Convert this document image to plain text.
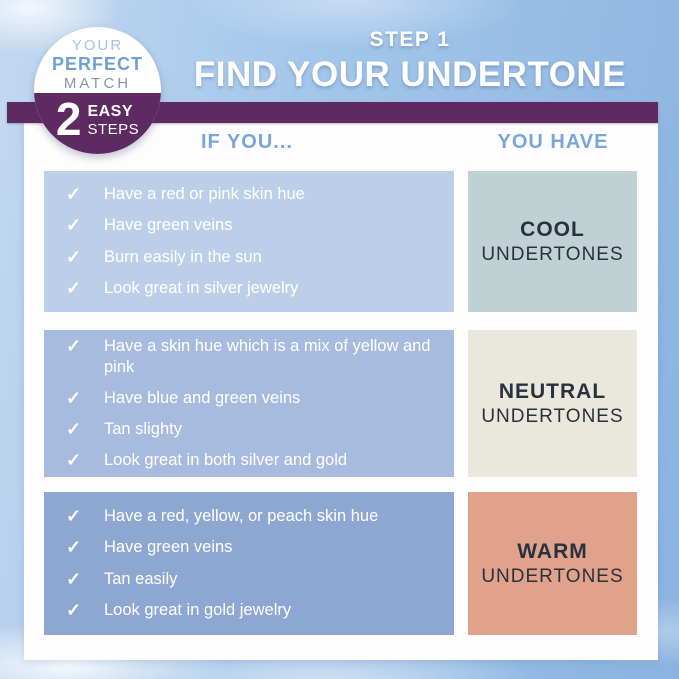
STEP 1
FIND YOUR UNDERTONE
YOUR
PERFECT
MATCH
2 EASY
STEPS
IF YOU...	YOU HAVE
✓ Have a red or pink skin hue
✓ Have green veins
✓ Burn easily in the sun
✓ Look great in silver jewelry
COOL
UNDERTONES
✓ Have a skin hue which is a mix of yellow and pink
✓ Have blue and green veins
✓ Tan slighty
✓ Look great in both silver and gold
NEUTRAL
UNDERTONES
✓ Have a red, yellow, or peach skin hue
✓ Have green veins
✓ Tan easily
✓ Look great in gold jewelry
WARM
UNDERTONES
